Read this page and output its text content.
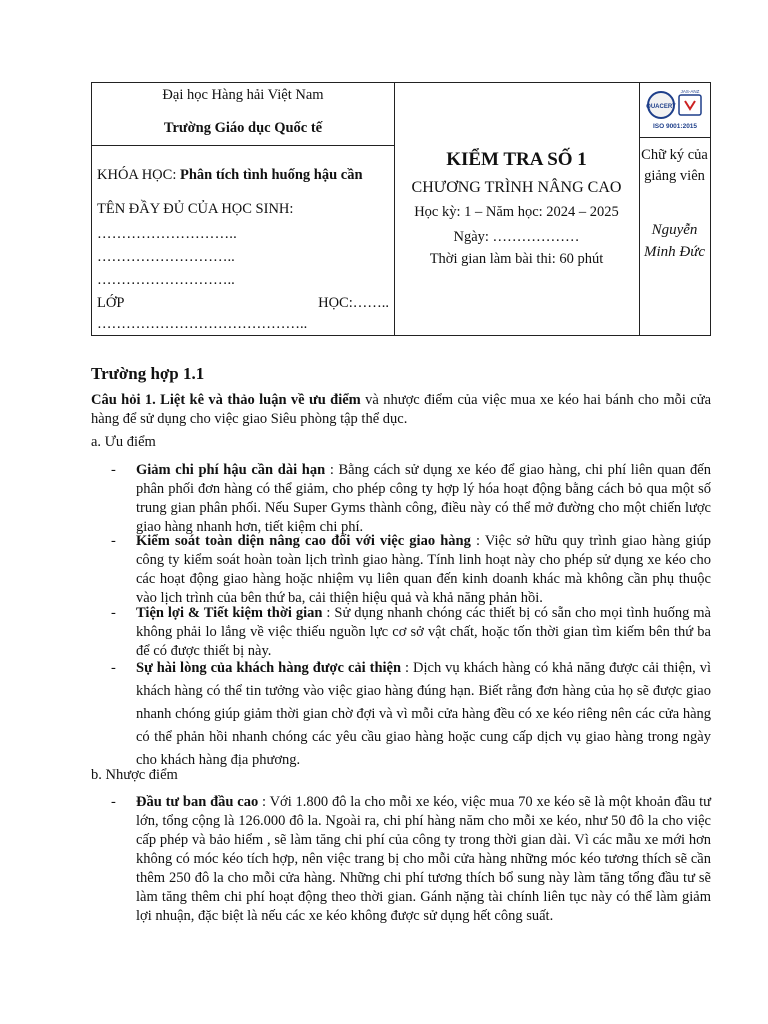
Đại học Hàng hải Việt Nam
Trường Giáo dục Quốc tế
KHÓA HỌC: Phân tích tình huống hậu cần
TÊN ĐẦY ĐỦ CỦA HỌC SINH:
………………………..
………………………..
………………………..
LỚP	HỌC:……..
……………………………………..
KIỂM TRA SỐ 1
CHƯƠNG TRÌNH NÂNG CAO
Học kỳ: 1 – Năm học: 2024 – 2025
Ngày: ………………
Thời gian làm bài thi: 60 phút
QUACERT
JAS-ANZ
ISO 9001:2015
Chữ ký của giảng viên
Nguyễn Minh Đức
Trường hợp 1.1
Câu hỏi 1. Liệt kê và thảo luận về ưu điểm và nhược điểm của việc mua xe kéo hai bánh cho mỗi cửa hàng để sử dụng cho việc giao Siêu phòng tập thể dục.
a. Ưu điểm
- Giảm chi phí hậu cần dài hạn : Bằng cách sử dụng xe kéo để giao hàng, chi phí liên quan đến phân phối đơn hàng có thể giảm, cho phép công ty hợp lý hóa hoạt động bằng cách bỏ qua một số trung gian phân phối. Nếu Super Gyms thành công, điều này có thể mở đường cho một chiến lược giao hàng nhanh hơn, tiết kiệm chi phí.
- Kiểm soát toàn diện nâng cao đối với việc giao hàng : Việc sở hữu quy trình giao hàng giúp công ty kiểm soát hoàn toàn lịch trình giao hàng. Tính linh hoạt này cho phép sử dụng xe kéo cho các hoạt động giao hàng hoặc nhiệm vụ liên quan đến kinh doanh khác mà không cần phụ thuộc vào lịch trình của bên thứ ba, cải thiện hiệu quả và khả năng phản hồi.
- Tiện lợi & Tiết kiệm thời gian : Sử dụng nhanh chóng các thiết bị có sẵn cho mọi tình huống mà không phải lo lắng về việc thiếu nguồn lực cơ sở vật chất, hoặc tốn thời gian tìm kiếm bên thứ ba để có được thiết bị này.
- Sự hài lòng của khách hàng được cải thiện : Dịch vụ khách hàng có khả năng được cải thiện, vì khách hàng có thể tin tưởng vào việc giao hàng đúng hạn. Biết rằng đơn hàng của họ sẽ được giao nhanh chóng giúp giảm thời gian chờ đợi và vì mỗi cửa hàng đều có xe kéo riêng nên các cửa hàng có thể phản hồi nhanh chóng các yêu cầu giao hàng hoặc cung cấp dịch vụ giao hàng trong ngày cho khách hàng địa phương.
b. Nhược điểm
- Đầu tư ban đầu cao : Với 1.800 đô la cho mỗi xe kéo, việc mua 70 xe kéo sẽ là một khoản đầu tư lớn, tổng cộng là 126.000 đô la. Ngoài ra, chi phí hàng năm cho mỗi xe kéo, như 50 đô la cho việc cấp phép và bảo hiểm , sẽ làm tăng chi phí của công ty trong thời gian dài. Vì các mẫu xe mới hơn không có móc kéo tích hợp, nên việc trang bị cho mỗi cửa hàng những móc kéo tương thích sẽ cần thêm 250 đô la cho mỗi cửa hàng. Những chi phí tương thích bổ sung này làm tăng tổng đầu tư sẽ làm tăng thêm chi phí hoạt động theo thời gian. Gánh nặng tài chính liên tục này có thể làm giảm lợi nhuận, đặc biệt là nếu các xe kéo không được sử dụng hết công suất.
